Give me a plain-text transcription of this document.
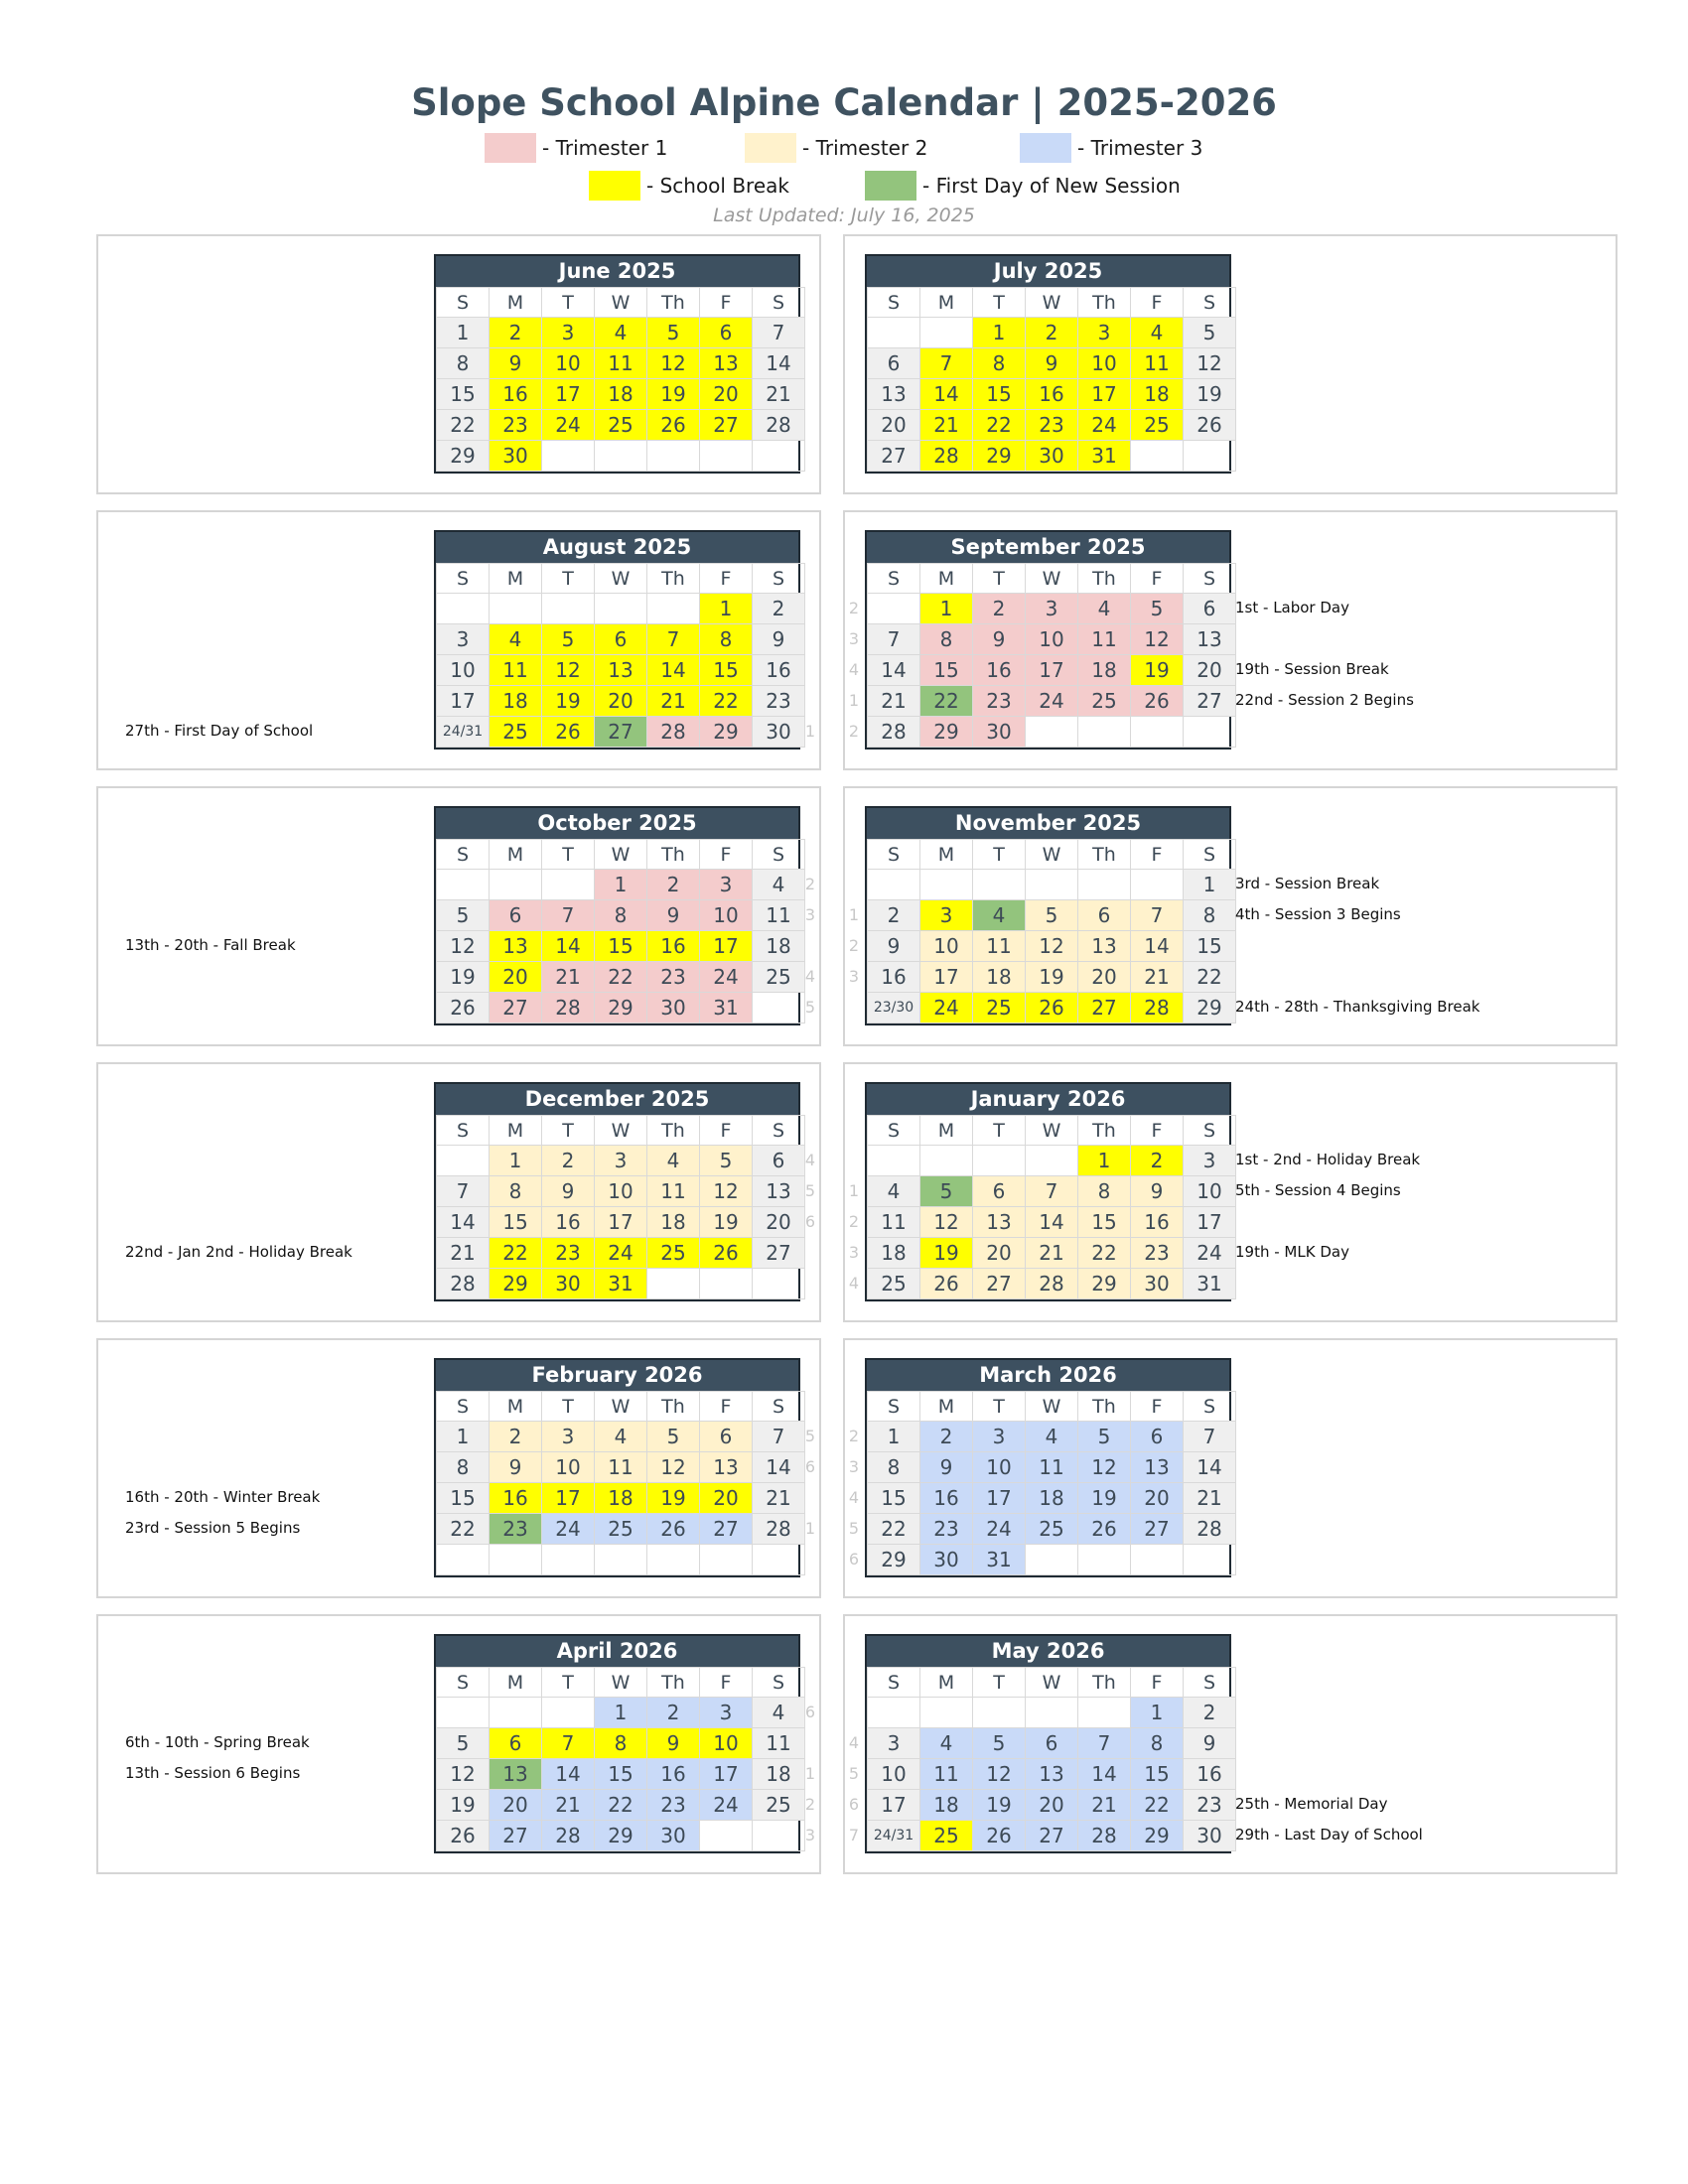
Slope School Alpine Calendar | 2025-2026
- Trimester 1	- Trimester 2	- Trimester 3
- School Break	- First Day of New Session
Last Updated: July 16, 2025
June 2025
S	M	T	W	Th	F	S
1	2	3	4	5	6	7
8	9	10	11	12	13	14
15	16	17	18	19	20	21
22	23	24	25	26	27	28
29	30					
July 2025
S	M	T	W	Th	F	S
		1	2	3	4	5
6	7	8	9	10	11	12
13	14	15	16	17	18	19
20	21	22	23	24	25	26
27	28	29	30	31		
August 2025
S	M	T	W	Th	F	S
					1	2
3	4	5	6	7	8	9
10	11	12	13	14	15	16
17	18	19	20	21	22	23
24/31	25	26	27	28	29	30 1
27th - First Day of School
September 2025
S	M	T	W	Th	F	S
	1	2	3	4	5	6
7	8	9	10	11	12	13
14	15	16	17	18	19	20
21	22	23	24	25	26	27
28	29	30				
2
3
4
1
2
1st - Labor Day
19th - Session Break
22nd - Session 2 Begins
October 2025
S	M	T	W	Th	F	S
			1	2	3	4
5	6	7	8	9	10	11
12	13	14	15	16	17	18
19	20	21	22	23	24	25
26	27	28	29	30	31	
2
3
4
5
13th - 20th - Fall Break
November 2025
S	M	T	W	Th	F	S
						1
2	3	4	5	6	7	8
9	10	11	12	13	14	15
16	17	18	19	20	21	22
23/30	24	25	26	27	28	29
1
2
3
3rd - Session Break
4th - Session 3 Begins
24th - 28th - Thanksgiving Break
December 2025
S	M	T	W	Th	F	S
	1	2	3	4	5	6
7	8	9	10	11	12	13
14	15	16	17	18	19	20
21	22	23	24	25	26	27
28	29	30	31			
4
5
6
22nd - Jan 2nd - Holiday Break
January 2026
S	M	T	W	Th	F	S
				1	2	3
4	5	6	7	8	9	10
11	12	13	14	15	16	17
18	19	20	21	22	23	24
25	26	27	28	29	30	31
1
2
3
4
1st - 2nd - Holiday Break
5th - Session 4 Begins
19th - MLK Day
February 2026
S	M	T	W	Th	F	S
1	2	3	4	5	6	7
8	9	10	11	12	13	14
15	16	17	18	19	20	21
22	23	24	25	26	27	28

5
6
1
16th - 20th - Winter Break
23rd - Session 5 Begins
March 2026
S	M	T	W	Th	F	S
1	2	3	4	5	6	7
8	9	10	11	12	13	14
15	16	17	18	19	20	21
22	23	24	25	26	27	28
29	30	31				
2
3
4
5
6
April 2026
S	M	T	W	Th	F	S
			1	2	3	4
5	6	7	8	9	10	11
12	13	14	15	16	17	18
19	20	21	22	23	24	25
26	27	28	29	30		
6
1
2
3
6th - 10th - Spring Break
13th - Session 6 Begins
May 2026
S	M	T	W	Th	F	S
					1	2
3	4	5	6	7	8	9
10	11	12	13	14	15	16
17	18	19	20	21	22	23
24/31	25	26	27	28	29	30
4
5
6
7
25th - Memorial Day
29th - Last Day of School
